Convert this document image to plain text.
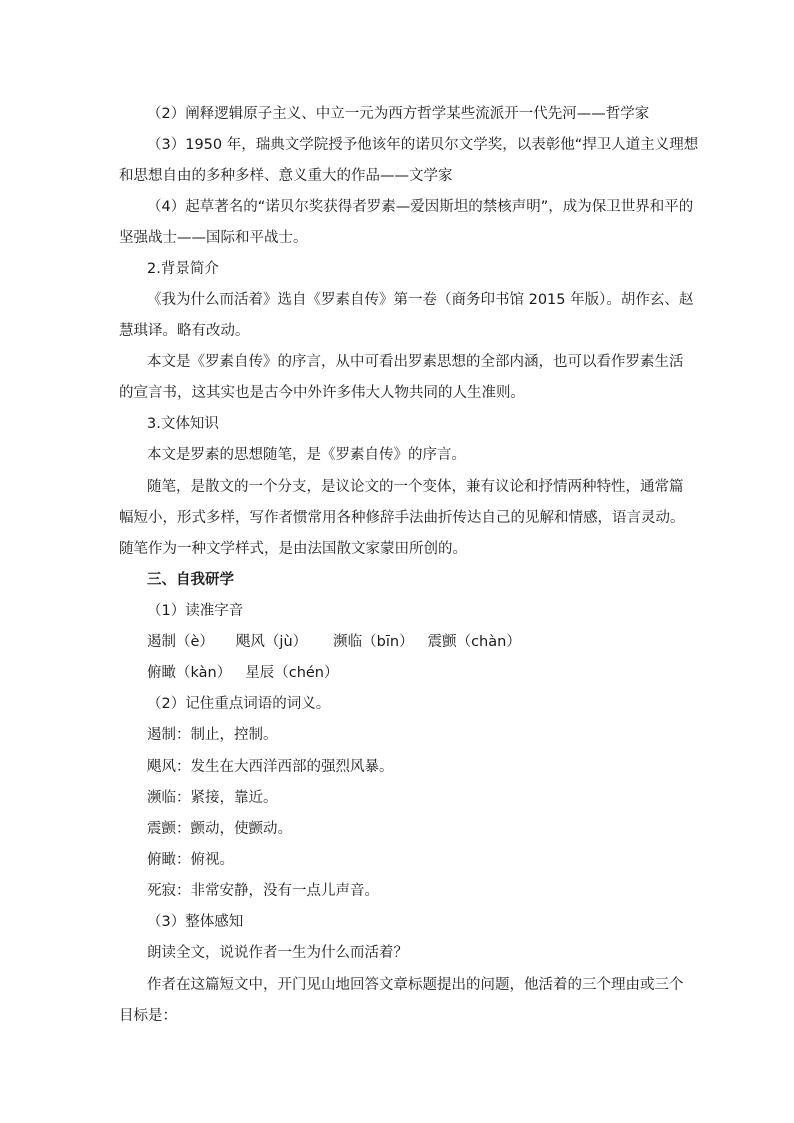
（2）阐释逻辑原子主义、中立一元为西方哲学某些流派开一代先河——哲学家
（3）1950 年，瑞典文学院授予他该年的诺贝尔文学奖，以表彰他“捍卫人道主义理想
和思想自由的多种多样、意义重大的作品——文学家
（4）起草著名的“诺贝尔奖获得者罗素—爱因斯坦的禁核声明”，成为保卫世界和平的
坚强战士——国际和平战士。
2.背景简介
《我为什么而活着》选自《罗素自传》第一卷（商务印书馆 2015 年版）。胡作玄、赵
慧琪译。略有改动。
本文是《罗素自传》的序言，从中可看出罗素思想的全部内涵，也可以看作罗素生活
的宣言书，这其实也是古今中外许多伟大人物共同的人生准则。
3.文体知识
本文是罗素的思想随笔，是《罗素自传》的序言。
随笔，是散文的一个分支，是议论文的一个变体，兼有议论和抒情两种特性，通常篇
幅短小，形式多样，写作者惯常用各种修辞手法曲折传达自己的见解和情感，语言灵动。
随笔作为一种文学样式，是由法国散文家蒙田所创的。
三、自我研学
（1）读准字音
遏制（è） 飓风（jù） 濒临（bīn） 震颤（chàn）
俯瞰（kàn） 星辰（chén）
（2）记住重点词语的词义。
遏制：制止，控制。
飓风：发生在大西洋西部的强烈风暴。
濒临：紧接，靠近。
震颤：颤动，使颤动。
俯瞰：俯视。
死寂：非常安静，没有一点儿声音。
（3）整体感知
朗读全文，说说作者一生为什么而活着？
作者在这篇短文中，开门见山地回答文章标题提出的问题，他活着的三个理由或三个
目标是：
